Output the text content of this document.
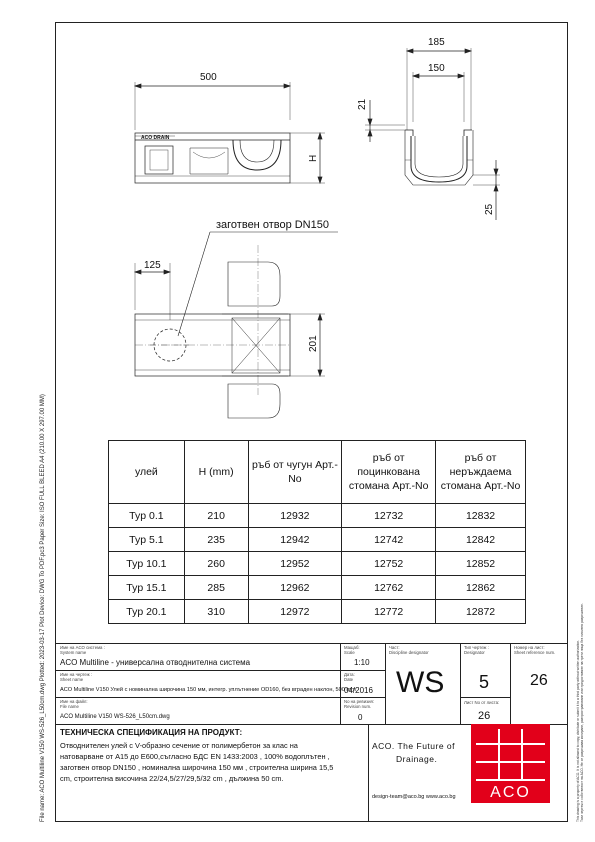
File name: ACO Multiline V150 WS-526_L50cm.dwg Plotted: 2023-03-17 Plot Device: DWG To PDF.pc3 Paper Size: ISO FULL BLEED A4 (210.00 X 297.00 MM)	This drawing is a property of ACO. It is not allowed to copy, distribute or submit it to a third party without written authorization. Този чертеж е собственост на ACO. Не се разрешава копиране, разпространяване или предоставяне на трети лица без писмено разрешение.
500
185
150
21
H
25
125
201
заготвен отвор DN150
ACO DRAIN
улей	H (mm)	ръб от чугун Арт.-No	ръб от поцинкована стомана Арт.-No	ръб от неръждаема стомана Арт.-No
Typ 0.1	210	12932	12732	12832
Typ 5.1	235	12942	12742	12842
Typ 10.1	260	12952	12752	12852
Typ 15.1	285	12962	12762	12862
Typ 20.1	310	12972	12772	12872
Име на ACO система :
System name
ACO Multiline - универсална отводнителна система
Име на чертеж :
Sheet name
ACO Multiline V150 Улей с номинална широчина 150 мм, интегр. уплътнение OD160, без вграден наклон, 500 mm
Име на файл:
File name
ACO Multiline V150 WS-526_L50cm.dwg
Мащаб:
Scale
1:10
Дата:
Date
04/2016
No на ревизия:
Revision num.
0
Част:
Discipline designator
WS
Тип чертеж :
Designator
5
Лист No от листа:
26
Номер на лист:
Sheet reference num.
26
ТЕХНИЧЕСКА СПЕЦИФИКАЦИЯ НА ПРОДУКТ:
Отводнителен улей с V-образно сечение от полимербетон за клас на
натоварване от А15 до Е600,съгласно БДС EN 1433:2003 , 100% водоплътен ,
заготвен отвор DN150 , номинална широчина 150 мм , строителна ширина 15,5
cm, строителна височина 22/24,5/27/29,5/32 cm , дължина 50 cm.
ACO. The Future of
Drainage.
design-team@aco.bg www.aco.bg ACO
